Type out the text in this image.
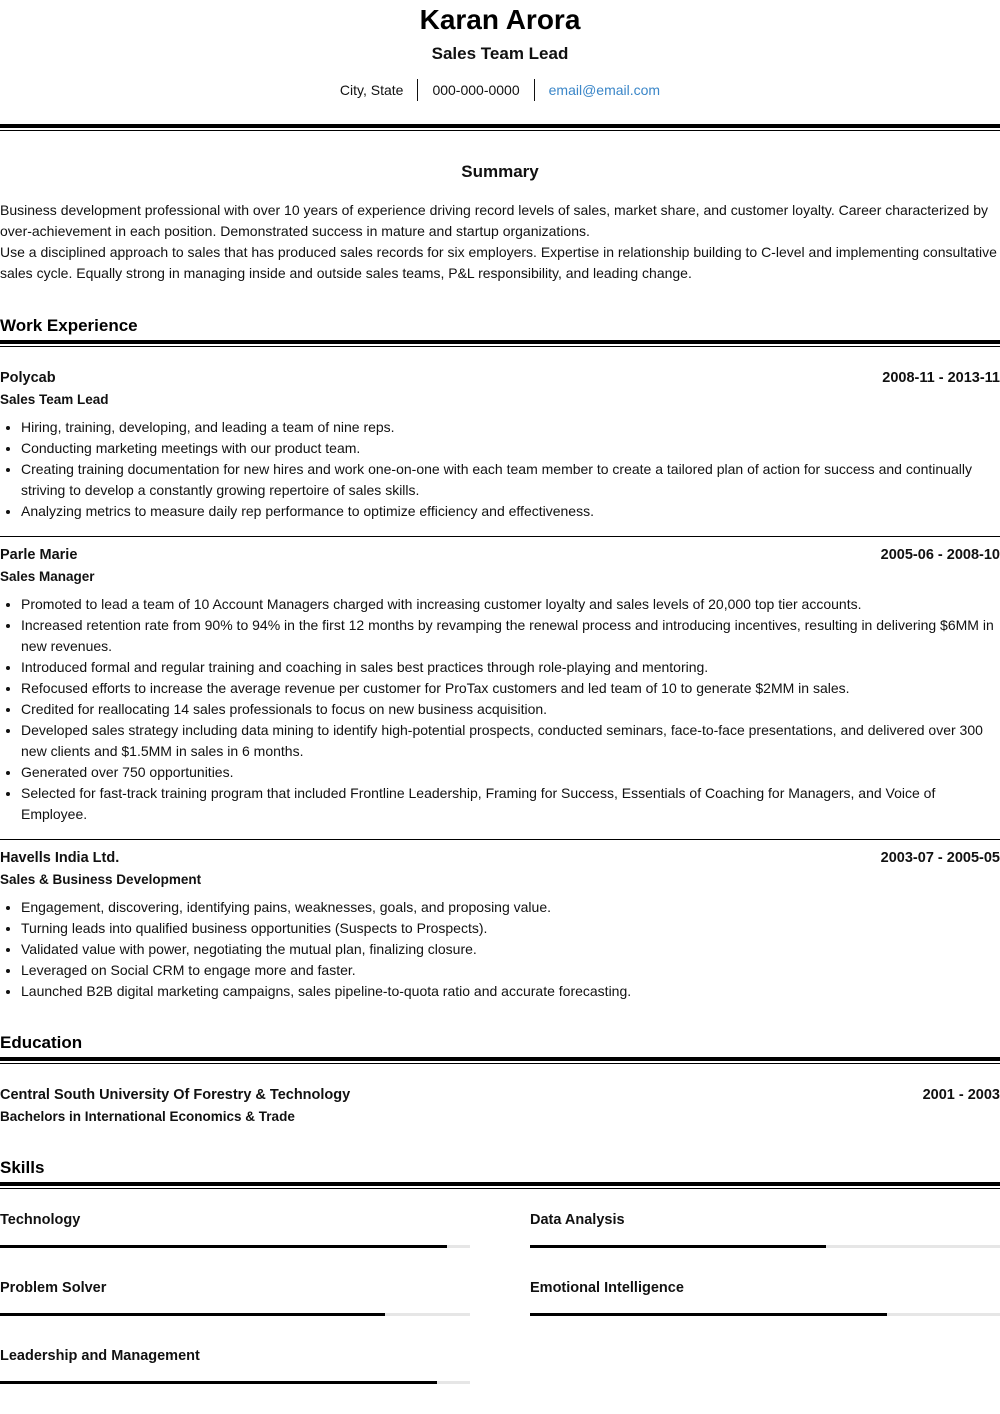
Karan Arora
Sales Team Lead
City, State	000-000-0000	email@email.com
Summary
Business development professional with over 10 years of experience driving record levels of sales, market share, and customer loyalty. Career characterized by over-achievement in each position. Demonstrated success in mature and startup organizations.
Use a disciplined approach to sales that has produced sales records for six employers. Expertise in relationship building to C-level and implementing consultative sales cycle. Equally strong in managing inside and outside sales teams, P&L responsibility, and leading change.
Work Experience
Polycab	2008-11 - 2013-11
Sales Team Lead
• Hiring, training, developing, and leading a team of nine reps.
• Conducting marketing meetings with our product team.
• Creating training documentation for new hires and work one-on-one with each team member to create a tailored plan of action for success and continually striving to develop a constantly growing repertoire of sales skills.
• Analyzing metrics to measure daily rep performance to optimize efficiency and effectiveness.
Parle Marie	2005-06 - 2008-10
Sales Manager
• Promoted to lead a team of 10 Account Managers charged with increasing customer loyalty and sales levels of 20,000 top tier accounts.
• Increased retention rate from 90% to 94% in the first 12 months by revamping the renewal process and introducing incentives, resulting in delivering $6MM in new revenues.
• Introduced formal and regular training and coaching in sales best practices through role-playing and mentoring.
• Refocused efforts to increase the average revenue per customer for ProTax customers and led team of 10 to generate $2MM in sales.
• Credited for reallocating 14 sales professionals to focus on new business acquisition.
• Developed sales strategy including data mining to identify high-potential prospects, conducted seminars, face-to-face presentations, and delivered over 300 new clients and $1.5MM in sales in 6 months.
• Generated over 750 opportunities.
• Selected for fast-track training program that included Frontline Leadership, Framing for Success, Essentials of Coaching for Managers, and Voice of Employee.
Havells India Ltd.	2003-07 - 2005-05
Sales & Business Development
• Engagement, discovering, identifying pains, weaknesses, goals, and proposing value.
• Turning leads into qualified business opportunities (Suspects to Prospects).
• Validated value with power, negotiating the mutual plan, finalizing closure.
• Leveraged on Social CRM to engage more and faster.
• Launched B2B digital marketing campaigns, sales pipeline-to-quota ratio and accurate forecasting.
Education
Central South University Of Forestry & Technology	2001 - 2003
Bachelors in International Economics & Trade
Skills
Technology	Data Analysis
Problem Solver	Emotional Intelligence
Leadership and Management
